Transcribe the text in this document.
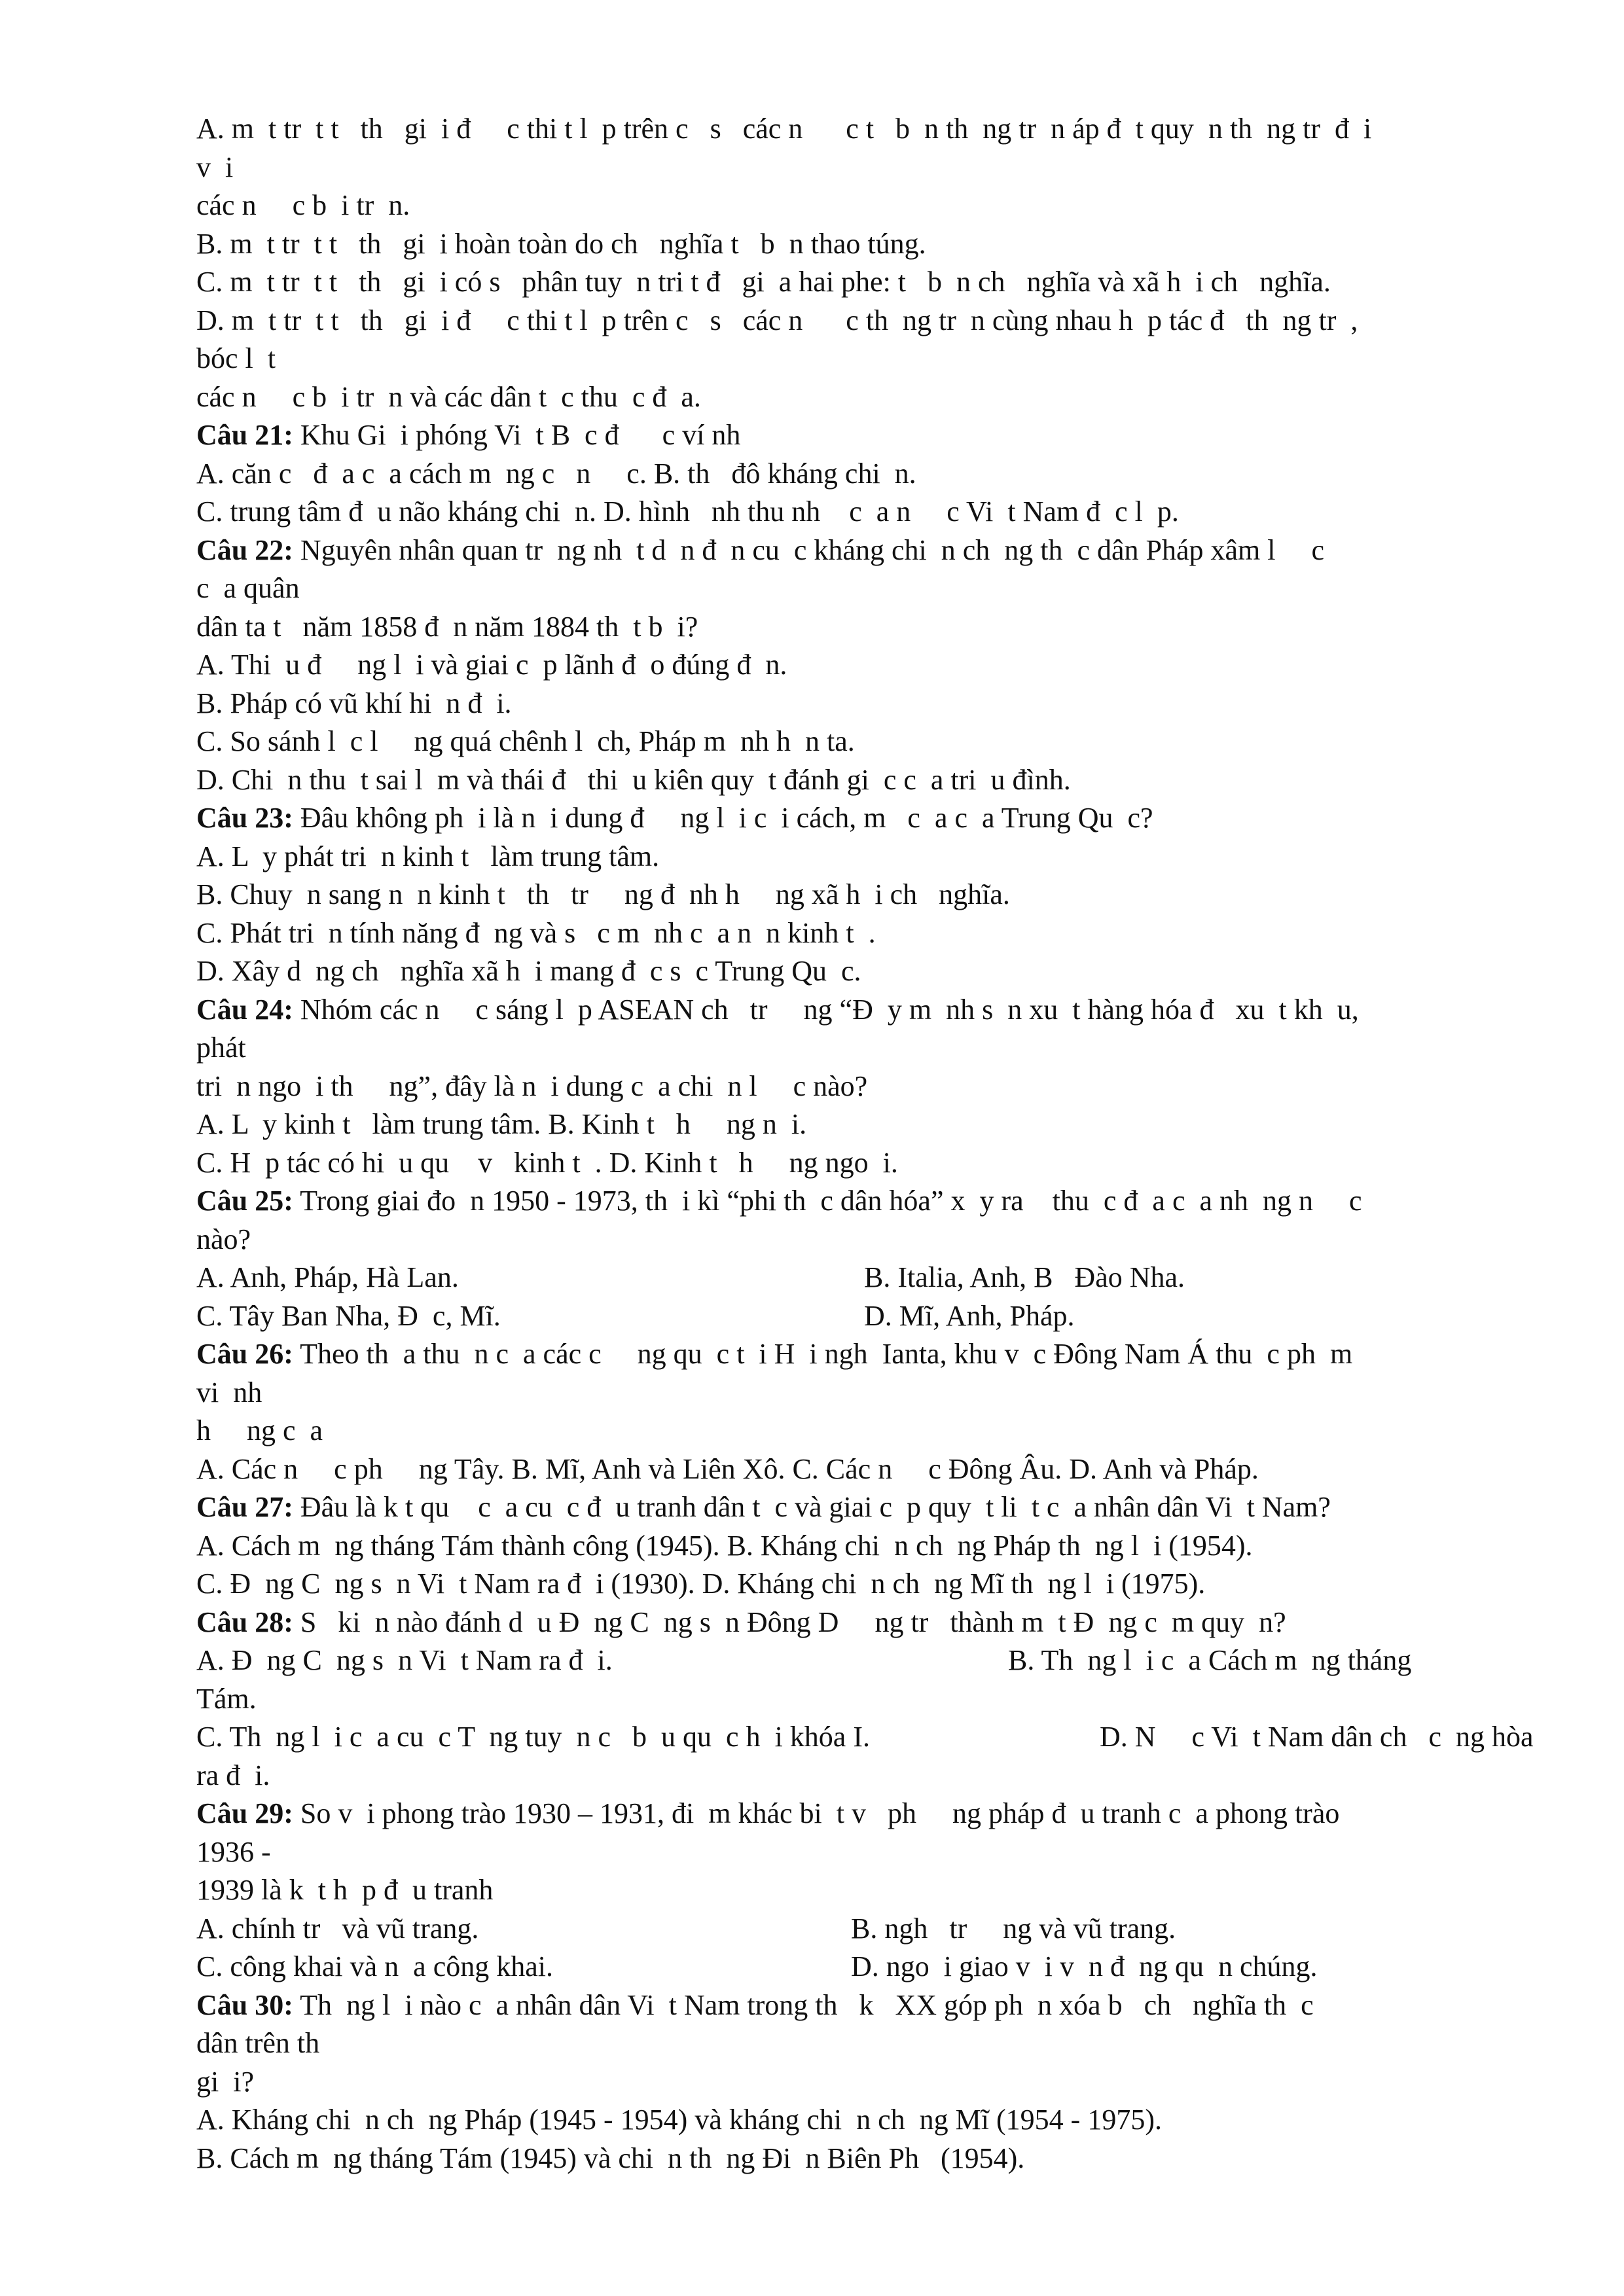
A. m  t tr  t t   th   gi  i đ     c thi t l  p trên c   s   các n      c t   b  n th  ng tr  n áp đ  t quy  n th  ng tr  đ  i
v  i
các n     c b  i tr  n.
B. m  t tr  t t   th   gi  i hoàn toàn do ch   nghĩa t   b  n thao túng.
C. m  t tr  t t   th   gi  i có s   phân tuy  n tri t đ   gi  a hai phe: t   b  n ch   nghĩa và xã h  i ch   nghĩa.
D. m  t tr  t t   th   gi  i đ     c thi t l  p trên c   s   các n      c th  ng tr  n cùng nhau h  p tác đ   th  ng tr  ,
bóc l  t
các n     c b  i tr  n và các dân t  c thu  c đ  a.
Câu 21: Khu Gi  i phóng Vi  t B  c đ      c ví nh
A. căn c   đ  a c  a cách m  ng c   n     c. B. th   đô kháng chi  n.
C. trung tâm đ  u não kháng chi  n. D. hình   nh thu nh    c  a n     c Vi  t Nam đ  c l  p.
Câu 22: Nguyên nhân quan tr  ng nh  t d  n đ  n cu  c kháng chi  n ch  ng th  c dân Pháp xâm l     c
c  a quân
dân ta t   năm 1858 đ  n năm 1884 th  t b  i?
A. Thi  u đ     ng l  i và giai c  p lãnh đ  o đúng đ  n.
B. Pháp có vũ khí hi  n đ  i.
C. So sánh l  c l     ng quá chênh l  ch, Pháp m  nh h  n ta.
D. Chi  n thu  t sai l  m và thái đ   thi  u kiên quy  t đánh gi  c c  a tri  u đình.
Câu 23: Đâu không ph  i là n  i dung đ     ng l  i c  i cách, m   c  a c  a Trung Qu  c?
A. L  y phát tri  n kinh t   làm trung tâm.
B. Chuy  n sang n  n kinh t   th   tr     ng đ  nh h     ng xã h  i ch   nghĩa.
C. Phát tri  n tính năng đ  ng và s   c m  nh c  a n  n kinh t  .
D. Xây d  ng ch   nghĩa xã h  i mang đ  c s  c Trung Qu  c.
Câu 24: Nhóm các n     c sáng l  p ASEAN ch   tr     ng “Đ  y m  nh s  n xu  t hàng hóa đ   xu  t kh  u,
phát
tri  n ngo  i th     ng”, đây là n  i dung c  a chi  n l     c nào?
A. L  y kinh t   làm trung tâm. B. Kinh t   h     ng n  i.
C. H  p tác có hi  u qu    v   kinh t  . D. Kinh t   h     ng ngo  i.
Câu 25: Trong giai đo  n 1950 - 1973, th  i kì “phi th  c dân hóa” x  y ra    thu  c đ  a c  a nh  ng n     c
nào?
A. Anh, Pháp, Hà Lan.	B. Italia, Anh, B   Đào Nha.
C. Tây Ban Nha, Đ  c, Mĩ.	D. Mĩ, Anh, Pháp.
Câu 26: Theo th  a thu  n c  a các c     ng qu  c t  i H  i ngh  Ianta, khu v  c Đông Nam Á thu  c ph  m
vi  nh
h     ng c  a
A. Các n     c ph     ng Tây. B. Mĩ, Anh và Liên Xô. C. Các n     c Đông Âu. D. Anh và Pháp.
Câu 27: Đâu là k t qu    c  a cu  c đ  u tranh dân t  c và giai c  p quy  t li  t c  a nhân dân Vi  t Nam?
A. Cách m  ng tháng Tám thành công (1945). B. Kháng chi  n ch  ng Pháp th  ng l  i (1954).
C. Đ  ng C  ng s  n Vi  t Nam ra đ  i (1930). D. Kháng chi  n ch  ng Mĩ th  ng l  i (1975).
Câu 28: S   ki  n nào đánh d  u Đ  ng C  ng s  n Đông D     ng tr   thành m  t Đ  ng c  m quy  n?
A. Đ  ng C  ng s  n Vi  t Nam ra đ  i.	B. Th  ng l  i c  a Cách m  ng tháng
Tám.
C. Th  ng l  i c  a cu  c T  ng tuy  n c   b  u qu  c h  i khóa I.	D. N     c Vi  t Nam dân ch   c  ng hòa
ra đ  i.
Câu 29: So v  i phong trào 1930 – 1931, đi  m khác bi  t v   ph     ng pháp đ  u tranh c  a phong trào
1936 -
1939 là k  t h  p đ  u tranh
A. chính tr   và vũ trang.	B. ngh   tr     ng và vũ trang.
C. công khai và n  a công khai.	D. ngo  i giao v  i v  n đ  ng qu  n chúng.
Câu 30: Th  ng l  i nào c  a nhân dân Vi  t Nam trong th   k   XX góp ph  n xóa b   ch   nghĩa th  c
dân trên th
gi  i?
A. Kháng chi  n ch  ng Pháp (1945 - 1954) và kháng chi  n ch  ng Mĩ (1954 - 1975).
B. Cách m  ng tháng Tám (1945) và chi  n th  ng Đi  n Biên Ph   (1954).
